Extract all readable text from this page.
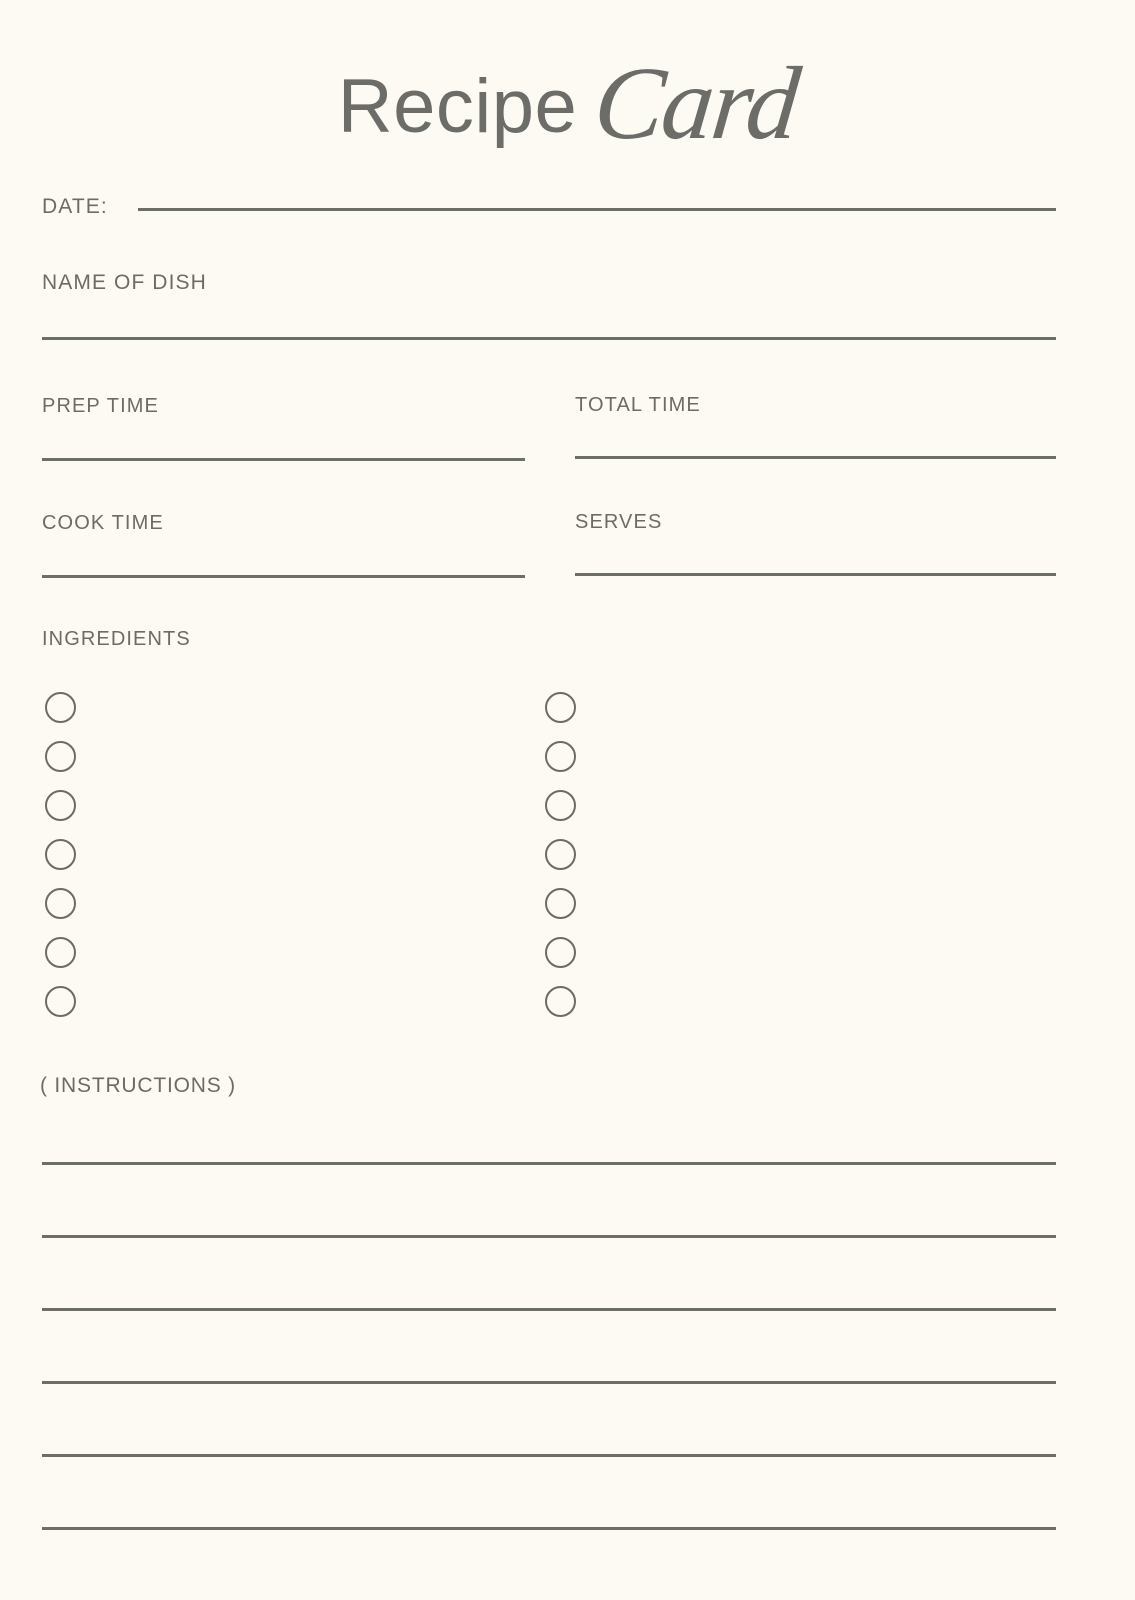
Recipe Card
DATE:
NAME OF DISH
PREP TIME	TOTAL TIME
COOK TIME	SERVES
INGREDIENTS
( INSTRUCTIONS )
